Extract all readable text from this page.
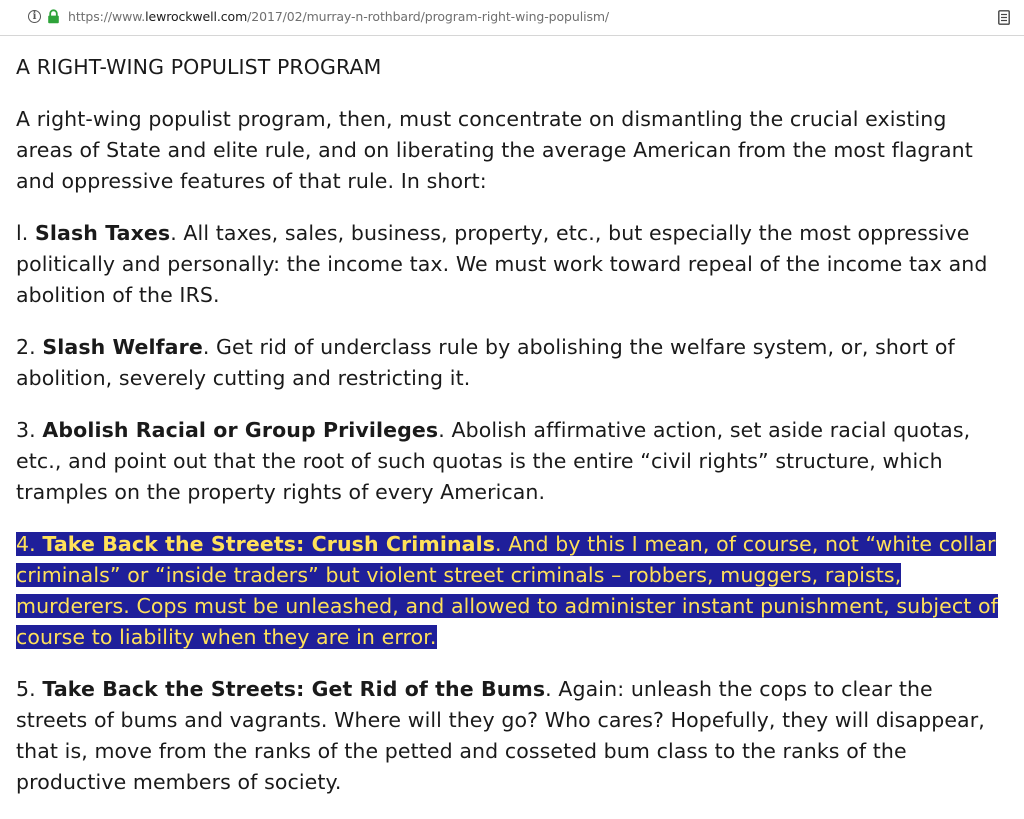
i	https://www.lewrockwell.com/2017/02/murray-n-rothbard/program-right-wing-populism/

A RIGHT-WING POPULIST PROGRAM

A right-wing populist program, then, must concentrate on dismantling the crucial existing areas of State and elite rule, and on liberating the average American from the most flagrant and oppressive features of that rule. In short:

l. Slash Taxes. All taxes, sales, business, property, etc., but especially the most oppressive politically and personally: the income tax. We must work toward repeal of the income tax and abolition of the IRS.

2. Slash Welfare. Get rid of underclass rule by abolishing the welfare system, or, short of abolition, severely cutting and restricting it.

3. Abolish Racial or Group Privileges. Abolish affirmative action, set aside racial quotas, etc., and point out that the root of such quotas is the entire “civil rights” structure, which tramples on the property rights of every American.

4. Take Back the Streets: Crush Criminals. And by this I mean, of course, not “white collar criminals” or “inside traders” but violent street criminals – robbers, muggers, rapists, murderers. Cops must be unleashed, and allowed to administer instant punishment, subject of course to liability when they are in error.

5. Take Back the Streets: Get Rid of the Bums. Again: unleash the cops to clear the streets of bums and vagrants. Where will they go? Who cares? Hopefully, they will disappear, that is, move from the ranks of the petted and cosseted bum class to the ranks of the productive members of society.
